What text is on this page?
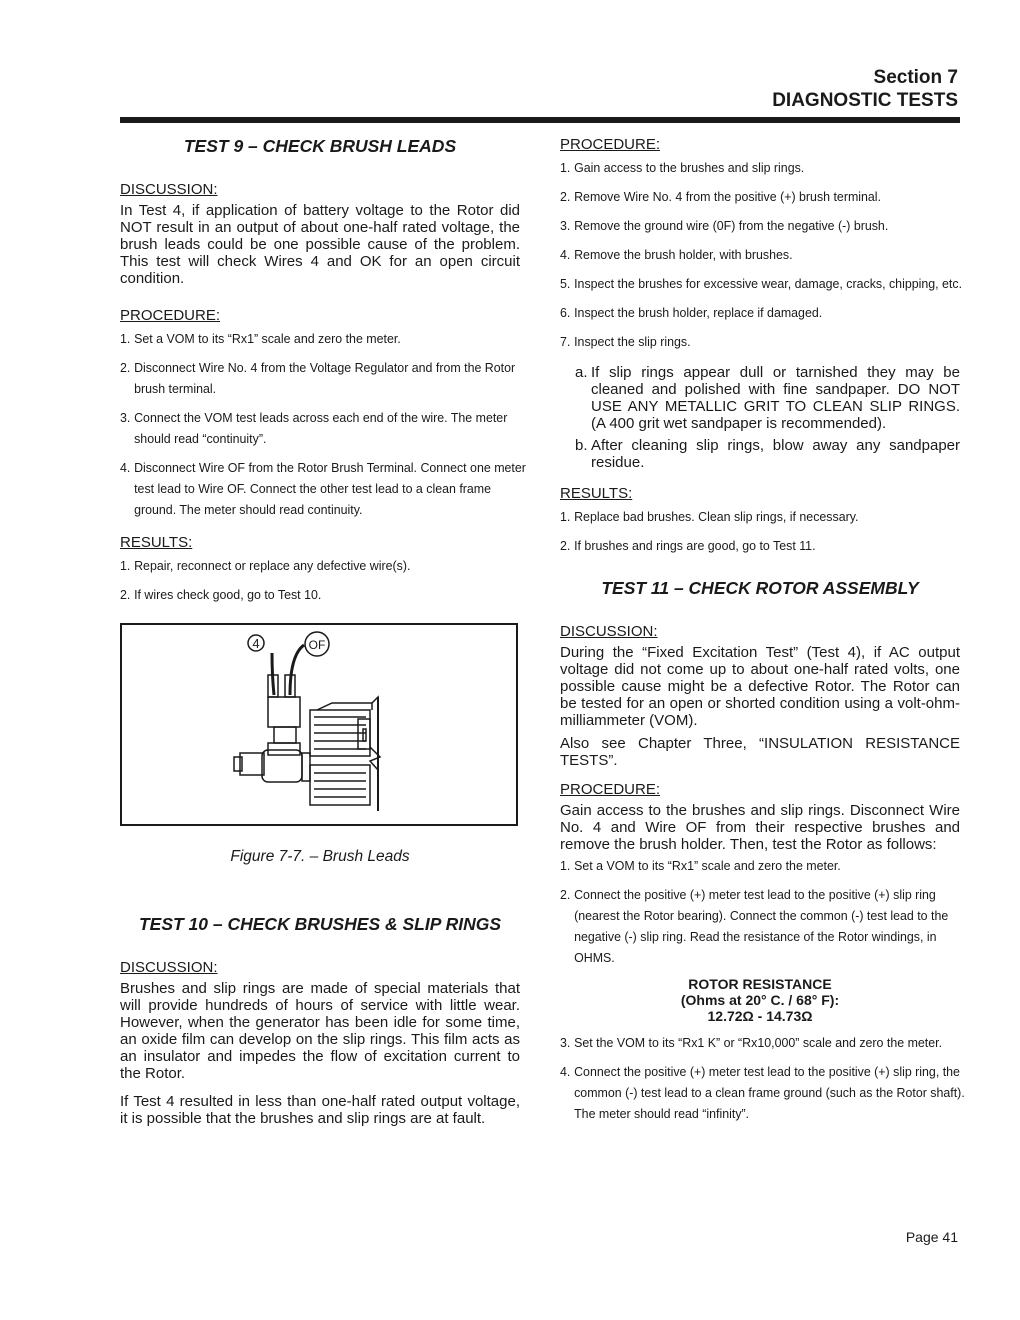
Section 7
DIAGNOSTIC TESTS
TEST 9 – CHECK BRUSH LEADS
DISCUSSION:
In Test 4, if application of battery voltage to the Rotor did NOT result in an output of about one-half rated voltage, the brush leads could be one possible cause of the problem. This test will check Wires 4 and OK for an open circuit condition.
PROCEDURE:
1. Set a VOM to its “Rx1” scale and zero the meter.
2. Disconnect Wire No. 4 from the Voltage Regulator and from the Rotor brush terminal.
3. Connect the VOM test leads across each end of the wire. The meter should read “continuity”.
4. Disconnect Wire OF from the Rotor Brush Terminal. Connect one meter test lead to Wire OF. Connect the other test lead to a clean frame ground. The meter should read continuity.
RESULTS:
1. Repair, reconnect or replace any defective wire(s).
2. If wires check good, go to Test 10.
4	OF
Figure 7-7. – Brush Leads
TEST 10 – CHECK BRUSHES & SLIP RINGS
DISCUSSION:
Brushes and slip rings are made of special materials that will provide hundreds of hours of service with little wear. However, when the generator has been idle for some time, an oxide film can develop on the slip rings. This film acts as an insulator and impedes the flow of excitation current to the Rotor.
If Test 4 resulted in less than one-half rated output voltage, it is possible that the brushes and slip rings are at fault.
PROCEDURE:
1. Gain access to the brushes and slip rings.
2. Remove Wire No. 4 from the positive (+) brush terminal.
3. Remove the ground wire (0F) from the negative (-) brush.
4. Remove the brush holder, with brushes.
5. Inspect the brushes for excessive wear, damage, cracks, chipping, etc.
6. Inspect the brush holder, replace if damaged.
7. Inspect the slip rings.
a. If slip rings appear dull or tarnished they may be cleaned and polished with fine sandpaper. DO NOT USE ANY METALLIC GRIT TO CLEAN SLIP RINGS. (A 400 grit wet sandpaper is recommended).
b. After cleaning slip rings, blow away any sandpaper residue.
RESULTS:
1. Replace bad brushes. Clean slip rings, if necessary.
2. If brushes and rings are good, go to Test 11.
TEST 11 – CHECK ROTOR ASSEMBLY
DISCUSSION:
During the “Fixed Excitation Test” (Test 4), if AC output voltage did not come up to about one-half rated volts, one possible cause might be a defective Rotor. The Rotor can be tested for an open or shorted condition using a volt-ohm-milliammeter (VOM).
Also see Chapter Three, “INSULATION RESISTANCE TESTS”.
PROCEDURE:
Gain access to the brushes and slip rings. Disconnect Wire No. 4 and Wire OF from their respective brushes and remove the brush holder. Then, test the Rotor as follows:
1. Set a VOM to its “Rx1” scale and zero the meter.
2. Connect the positive (+) meter test lead to the positive (+) slip ring (nearest the Rotor bearing). Connect the common (-) test lead to the negative (-) slip ring. Read the resistance of the Rotor windings, in OHMS.
ROTOR RESISTANCE
(Ohms at 20° C. / 68° F):
12.72Ω - 14.73Ω
3. Set the VOM to its “Rx1 K” or “Rx10,000” scale and zero the meter.
4. Connect the positive (+) meter test lead to the positive (+) slip ring, the common (-) test lead to a clean frame ground (such as the Rotor shaft). The meter should read “infinity”.
Page 41
